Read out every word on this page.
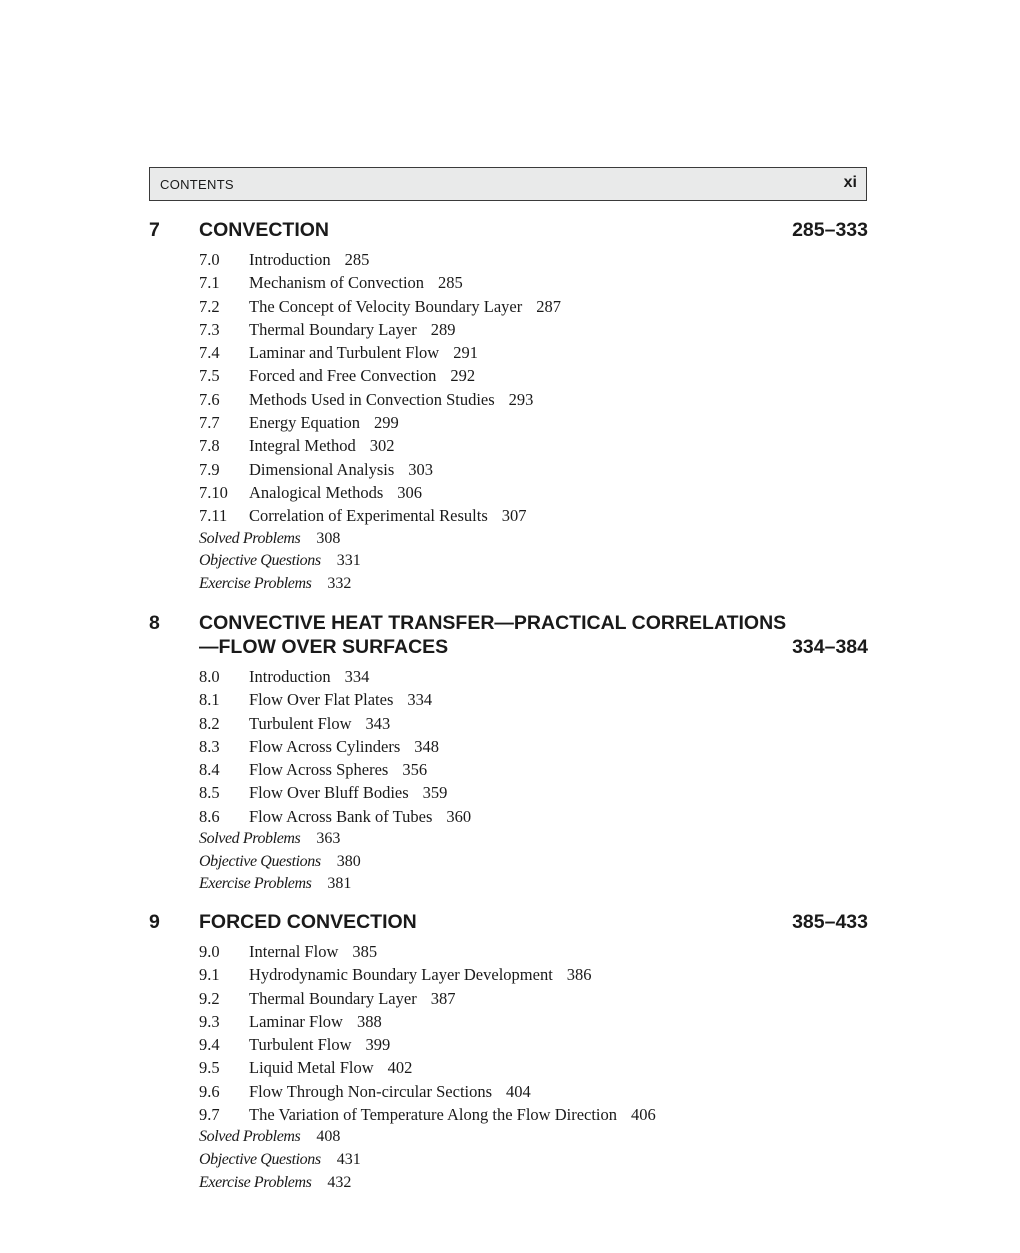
CONTENTS	xi
7 CONVECTION	285–333
7.0 Introduction 285
7.1 Mechanism of Convection 285
7.2 The Concept of Velocity Boundary Layer 287
7.3 Thermal Boundary Layer 289
7.4 Laminar and Turbulent Flow 291
7.5 Forced and Free Convection 292
7.6 Methods Used in Convection Studies 293
7.7 Energy Equation 299
7.8 Integral Method 302
7.9 Dimensional Analysis 303
7.10 Analogical Methods 306
7.11 Correlation of Experimental Results 307
Solved Problems 308
Objective Questions 331
Exercise Problems 332
8 CONVECTIVE HEAT TRANSFER—PRACTICAL CORRELATIONS
—FLOW OVER SURFACES	334–384
8.0 Introduction 334
8.1 Flow Over Flat Plates 334
8.2 Turbulent Flow 343
8.3 Flow Across Cylinders 348
8.4 Flow Across Spheres 356
8.5 Flow Over Bluff Bodies 359
8.6 Flow Across Bank of Tubes 360
Solved Problems 363
Objective Questions 380
Exercise Problems 381
9 FORCED CONVECTION	385–433
9.0 Internal Flow 385
9.1 Hydrodynamic Boundary Layer Development 386
9.2 Thermal Boundary Layer 387
9.3 Laminar Flow 388
9.4 Turbulent Flow 399
9.5 Liquid Metal Flow 402
9.6 Flow Through Non-circular Sections 404
9.7 The Variation of Temperature Along the Flow Direction 406
Solved Problems 408
Objective Questions 431
Exercise Problems 432
